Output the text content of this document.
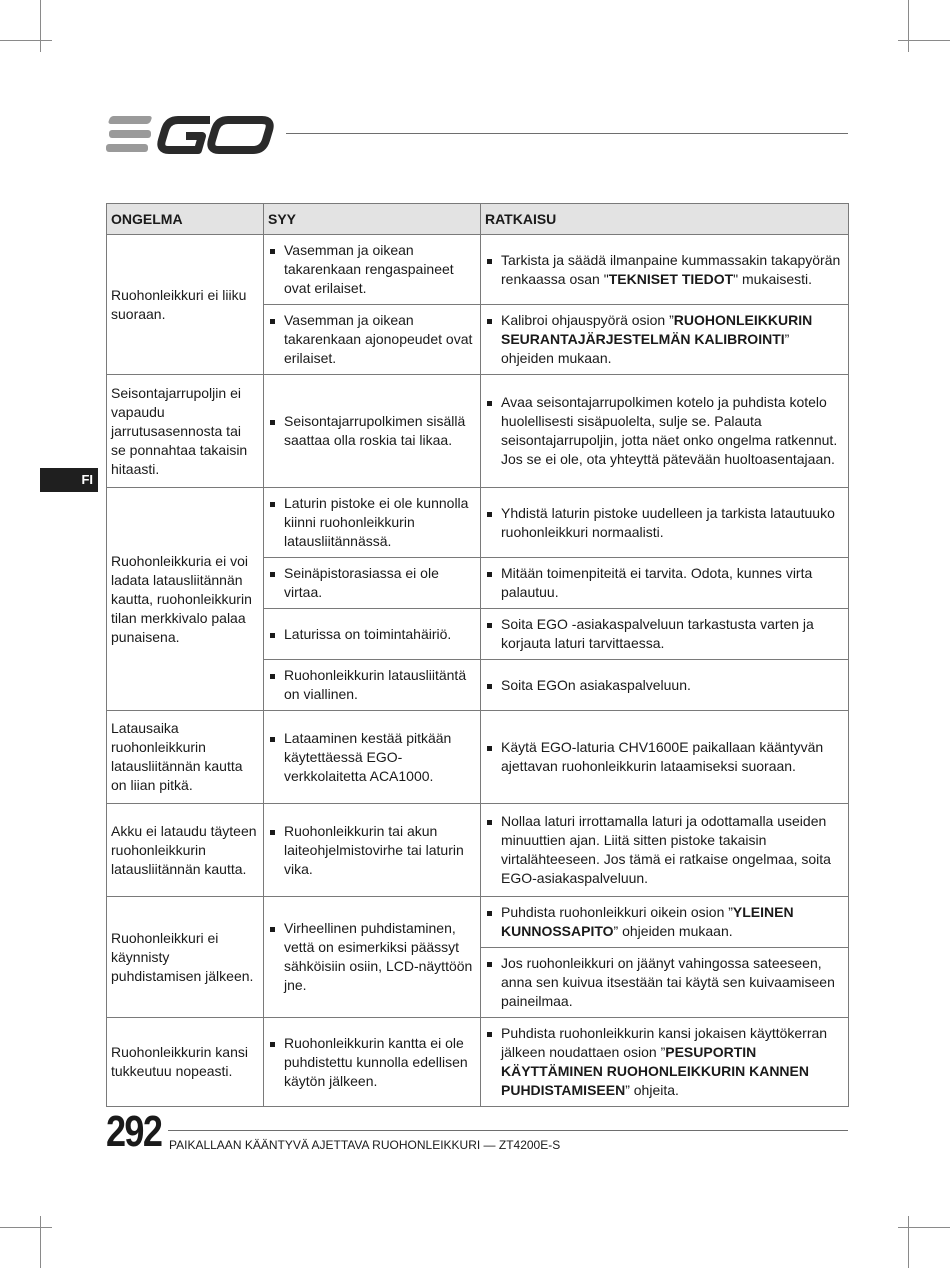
FI
ONGELMA	SYY	RATKAISU
Ruohonleikkuri ei liiku suoraan.	Vasemman ja oikean takarenkaan rengaspaineet ovat erilaiset.	Tarkista ja säädä ilmanpaine kummassakin takapyörän renkaassa osan "TEKNISET TIEDOT" mukaisesti.

	Vasemman ja oikean takarenkaan ajonopeudet ovat erilaiset.	Kalibroi ohjauspyörä osion ”RUOHONLEIKKURIN SEURANTAJÄRJESTELMÄN KALIBROINTI” ohjeiden mukaan.

Seisontajarrupoljin ei vapaudu jarrutusasennosta tai se ponnahtaa takaisin hitaasti.	Seisontajarrupolkimen sisällä saattaa olla roskia tai likaa.	Avaa seisontajarrupolkimen kotelo ja puhdista kotelo huolellisesti sisäpuolelta, sulje se. Palauta seisontajarrupoljin, jotta näet onko ongelma ratkennut. Jos se ei ole, ota yhteyttä pätevään huoltoasentajaan.

Ruohonleikkuria ei voi ladata latausliitännän kautta, ruohonleikkurin tilan merkkivalo palaa punaisena.	Laturin pistoke ei ole kunnolla kiinni ruohonleikkurin latausliitännässä.	Yhdistä laturin pistoke uudelleen ja tarkista latautuuko ruohonleikkuri normaalisti.

	Seinäpistorasiassa ei ole virtaa.	Mitään toimenpiteitä ei tarvita. Odota, kunnes virta palautuu.

	Laturissa on toimintahäiriö.	Soita EGO -asiakaspalveluun tarkastusta varten ja korjauta laturi tarvittaessa.

	Ruohonleikkurin latausliitäntä on viallinen.	Soita EGOn asiakaspalveluun.

Latausaika ruohonleikkurin latausliitännän kautta on liian pitkä.	Lataaminen kestää pitkään käytettäessä EGO-verkkolaitetta ACA1000.	Käytä EGO-laturia CHV1600E paikallaan kääntyvän ajettavan ruohonleikkurin lataamiseksi suoraan.

Akku ei lataudu täyteen ruohonleikkurin latausliitännän kautta.	Ruohonleikkurin tai akun laiteohjelmistovirhe tai laturin vika.	Nollaa laturi irrottamalla laturi ja odottamalla useiden minuuttien ajan. Liitä sitten pistoke takaisin virtalähteeseen. Jos tämä ei ratkaise ongelmaa, soita EGO-asiakaspalveluun.

Ruohonleikkuri ei käynnisty puhdistamisen jälkeen.	Virheellinen puhdistaminen, vettä on esimerkiksi päässyt sähköisiin osiin, LCD-näyttöön jne.	Puhdista ruohonleikkuri oikein osion ”YLEINEN KUNNOSSAPITO” ohjeiden mukaan.

		Jos ruohonleikkuri on jäänyt vahingossa sateeseen, anna sen kuivua itsestään tai käytä sen kuivaamiseen paineilmaa.

Ruohonleikkurin kansi tukkeutuu nopeasti.	Ruohonleikkurin kantta ei ole puhdistettu kunnolla edellisen käytön jälkeen.	Puhdista ruohonleikkurin kansi jokaisen käyttökerran jälkeen noudattaen osion ”PESUPORTIN KÄYTTÄMINEN RUOHONLEIKKURIN KANNEN PUHDISTAMISEEN” ohjeita.
292 PAIKALLAAN KÄÄNTYVÄ AJETTAVA RUOHONLEIKKURI — ZT4200E-S
